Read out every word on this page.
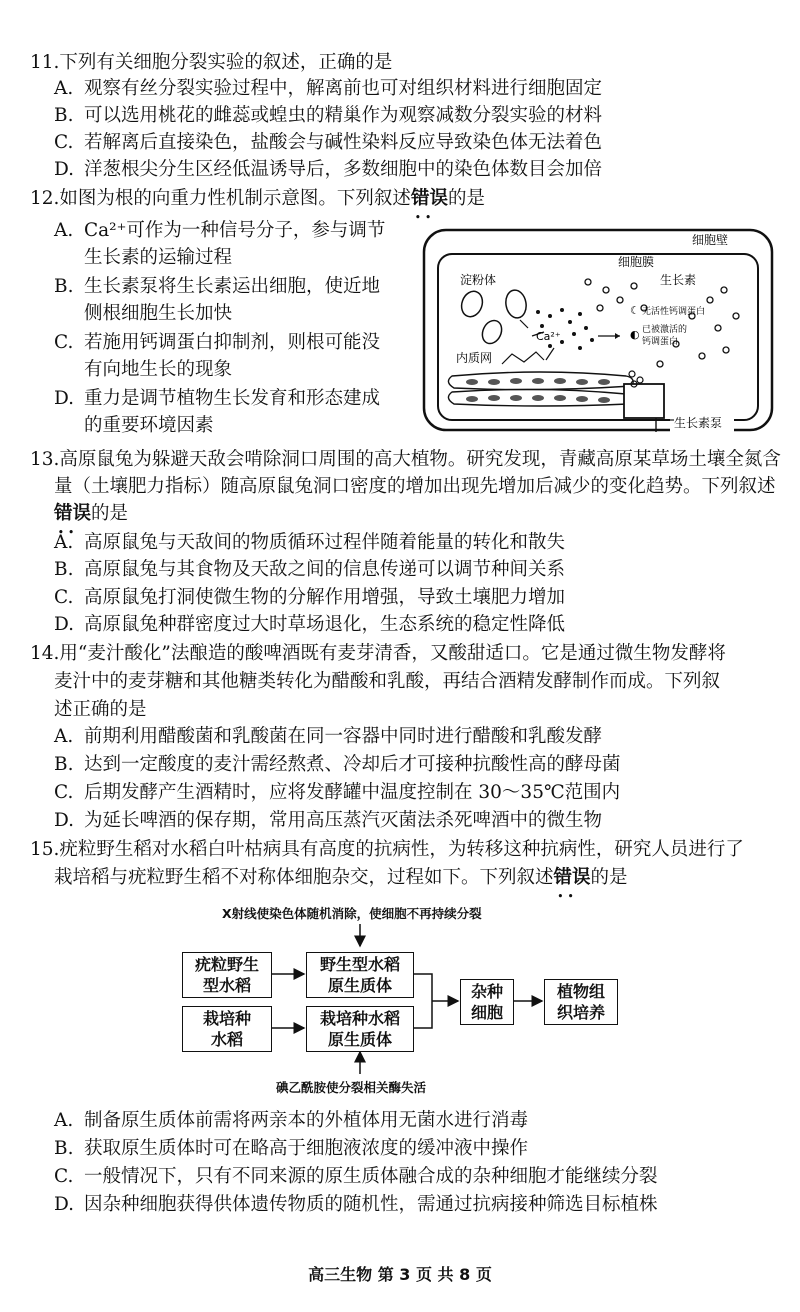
11.下列有关细胞分裂实验的叙述，正确的是
A. 观察有丝分裂实验过程中，解离前也可对组织材料进行细胞固定
B. 可以选用桃花的雌蕊或蝗虫的精巢作为观察减数分裂实验的材料
C. 若解离后直接染色，盐酸会与碱性染料反应导致染色体无法着色
D. 洋葱根尖分生区经低温诱导后，多数细胞中的染色体数目会加倍
12.如图为根的向重力性机制示意图。下列叙述错误 • •的是
A. Ca²⁺可作为一种信号分子，参与调节
生长素的运输过程
B. 生长素泵将生长素运出细胞，使近地
侧根细胞生长加快
C. 若施用钙调蛋白抑制剂，则根可能没
有向地生长的现象
D. 重力是调节植物生长发育和形态建成
的重要环境因素
细胞壁
细胞膜
淀粉体
Ca²⁺
生长素
☾ 无活性钙调蛋白
◐ 已被激活的
钙调蛋白
内质网
生长素泵
13.高原鼠兔为躲避天敌会啃除洞口周围的高大植物。研究发现，青藏高原某草场土壤全氮含
量（土壤肥力指标）随高原鼠兔洞口密度的增加出现先增加后减少的变化趋势。下列叙述
错误 • •的是
A. 高原鼠兔与天敌间的物质循环过程伴随着能量的转化和散失
B. 高原鼠兔与其食物及天敌之间的信息传递可以调节种间关系
C. 高原鼠兔打洞使微生物的分解作用增强，导致土壤肥力增加
D. 高原鼠兔种群密度过大时草场退化，生态系统的稳定性降低
14.用“麦汁酸化”法酿造的酸啤酒既有麦芽清香，又酸甜适口。它是通过微生物发酵将
麦汁中的麦芽糖和其他糖类转化为醋酸和乳酸，再结合酒精发酵制作而成。下列叙
述正确的是
A. 前期利用醋酸菌和乳酸菌在同一容器中同时进行醋酸和乳酸发酵
B. 达到一定酸度的麦汁需经熬煮、冷却后才可接种抗酸性高的酵母菌
C. 后期发酵产生酒精时，应将发酵罐中温度控制在 30～35℃范围内
D. 为延长啤酒的保存期，常用高压蒸汽灭菌法杀死啤酒中的微生物
15.疣粒野生稻对水稻白叶枯病具有高度的抗病性，为转移这种抗病性，研究人员进行了
栽培稻与疣粒野生稻不对称体细胞杂交，过程如下。下列叙述错误 • •的是
X射线使染色体随机消除，使细胞不再持续分裂
碘乙酰胺使分裂相关酶失活
疣粒野生
型水稻
栽培种
水稻
野生型水稻
原生质体
栽培种水稻
原生质体
杂种
细胞
植物组
织培养
A. 制备原生质体前需将两亲本的外植体用无菌水进行消毒
B. 获取原生质体时可在略高于细胞液浓度的缓冲液中操作
C. 一般情况下，只有不同来源的原生质体融合成的杂种细胞才能继续分裂
D. 因杂种细胞获得供体遗传物质的随机性，需通过抗病接种筛选目标植株
高三生物 第 3 页 共 8 页
